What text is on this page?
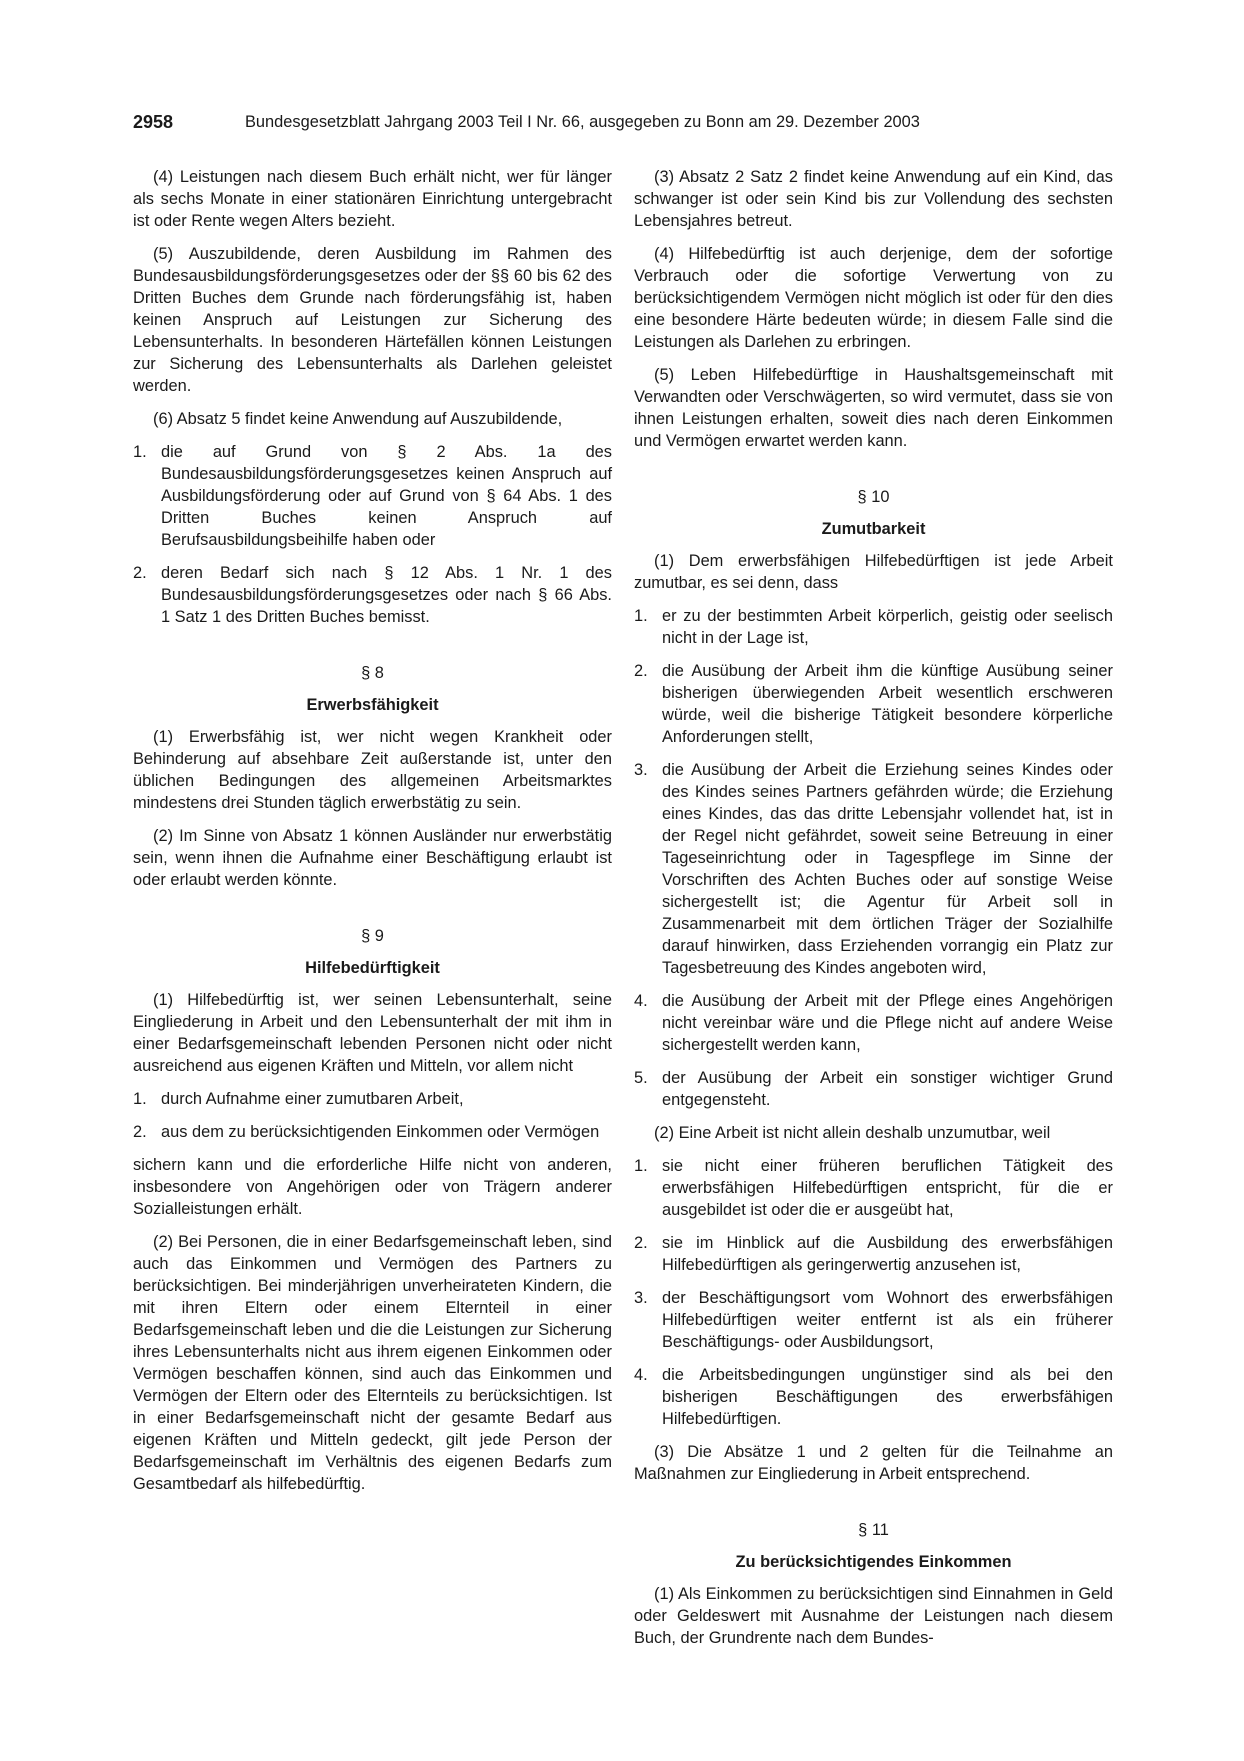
2958	Bundesgesetzblatt Jahrgang 2003 Teil I Nr. 66, ausgegeben zu Bonn am 29. Dezember 2003

(4) Leistungen nach diesem Buch erhält nicht, wer für länger als sechs Monate in einer stationären Einrichtung untergebracht ist oder Rente wegen Alters bezieht.

(5) Auszubildende, deren Ausbildung im Rahmen des Bundesausbildungsförderungsgesetzes oder der §§ 60 bis 62 des Dritten Buches dem Grunde nach förderungsfähig ist, haben keinen Anspruch auf Leistungen zur Sicherung des Lebensunterhalts. In besonderen Härtefällen können Leistungen zur Sicherung des Lebensunterhalts als Darlehen geleistet werden.

(6) Absatz 5 findet keine Anwendung auf Auszubildende,

1. die auf Grund von § 2 Abs. 1a des Bundesausbildungsförderungsgesetzes keinen Anspruch auf Ausbildungsförderung oder auf Grund von § 64 Abs. 1 des Dritten Buches keinen Anspruch auf Berufsausbildungsbeihilfe haben oder
2. deren Bedarf sich nach § 12 Abs. 1 Nr. 1 des Bundesausbildungsförderungsgesetzes oder nach § 66 Abs. 1 Satz 1 des Dritten Buches bemisst.
§ 8
Erwerbsfähigkeit

(1) Erwerbsfähig ist, wer nicht wegen Krankheit oder Behinderung auf absehbare Zeit außerstande ist, unter den üblichen Bedingungen des allgemeinen Arbeitsmarktes mindestens drei Stunden täglich erwerbstätig zu sein.

(2) Im Sinne von Absatz 1 können Ausländer nur erwerbstätig sein, wenn ihnen die Aufnahme einer Beschäftigung erlaubt ist oder erlaubt werden könnte.

§ 9
Hilfebedürftigkeit

(1) Hilfebedürftig ist, wer seinen Lebensunterhalt, seine Eingliederung in Arbeit und den Lebensunterhalt der mit ihm in einer Bedarfsgemeinschaft lebenden Personen nicht oder nicht ausreichend aus eigenen Kräften und Mitteln, vor allem nicht

1. durch Aufnahme einer zumutbaren Arbeit,
2. aus dem zu berücksichtigenden Einkommen oder Vermögen

sichern kann und die erforderliche Hilfe nicht von anderen, insbesondere von Angehörigen oder von Trägern anderer Sozialleistungen erhält.

(2) Bei Personen, die in einer Bedarfsgemeinschaft leben, sind auch das Einkommen und Vermögen des Partners zu berücksichtigen. Bei minderjährigen unverheirateten Kindern, die mit ihren Eltern oder einem Elternteil in einer Bedarfsgemeinschaft leben und die die Leistungen zur Sicherung ihres Lebensunterhalts nicht aus ihrem eigenen Einkommen oder Vermögen beschaffen können, sind auch das Einkommen und Vermögen der Eltern oder des Elternteils zu berücksichtigen. Ist in einer Bedarfsgemeinschaft nicht der gesamte Bedarf aus eigenen Kräften und Mitteln gedeckt, gilt jede Person der Bedarfsgemeinschaft im Verhältnis des eigenen Bedarfs zum Gesamtbedarf als hilfebedürftig.

(3) Absatz 2 Satz 2 findet keine Anwendung auf ein Kind, das schwanger ist oder sein Kind bis zur Vollendung des sechsten Lebensjahres betreut.

(4) Hilfebedürftig ist auch derjenige, dem der sofortige Verbrauch oder die sofortige Verwertung von zu berücksichtigendem Vermögen nicht möglich ist oder für den dies eine besondere Härte bedeuten würde; in diesem Falle sind die Leistungen als Darlehen zu erbringen.

(5) Leben Hilfebedürftige in Haushaltsgemeinschaft mit Verwandten oder Verschwägerten, so wird vermutet, dass sie von ihnen Leistungen erhalten, soweit dies nach deren Einkommen und Vermögen erwartet werden kann.

§ 10
Zumutbarkeit

(1) Dem erwerbsfähigen Hilfebedürftigen ist jede Arbeit zumutbar, es sei denn, dass

1. er zu der bestimmten Arbeit körperlich, geistig oder seelisch nicht in der Lage ist,
2. die Ausübung der Arbeit ihm die künftige Ausübung seiner bisherigen überwiegenden Arbeit wesentlich erschweren würde, weil die bisherige Tätigkeit besondere körperliche Anforderungen stellt,
3. die Ausübung der Arbeit die Erziehung seines Kindes oder des Kindes seines Partners gefährden würde; die Erziehung eines Kindes, das das dritte Lebensjahr vollendet hat, ist in der Regel nicht gefährdet, soweit seine Betreuung in einer Tageseinrichtung oder in Tagespflege im Sinne der Vorschriften des Achten Buches oder auf sonstige Weise sichergestellt ist; die Agentur für Arbeit soll in Zusammenarbeit mit dem örtlichen Träger der Sozialhilfe darauf hinwirken, dass Erziehenden vorrangig ein Platz zur Tagesbetreuung des Kindes angeboten wird,
4. die Ausübung der Arbeit mit der Pflege eines Angehörigen nicht vereinbar wäre und die Pflege nicht auf andere Weise sichergestellt werden kann,
5. der Ausübung der Arbeit ein sonstiger wichtiger Grund entgegensteht.

(2) Eine Arbeit ist nicht allein deshalb unzumutbar, weil

1. sie nicht einer früheren beruflichen Tätigkeit des erwerbsfähigen Hilfebedürftigen entspricht, für die er ausgebildet ist oder die er ausgeübt hat,
2. sie im Hinblick auf die Ausbildung des erwerbsfähigen Hilfebedürftigen als geringerwertig anzusehen ist,
3. der Beschäftigungsort vom Wohnort des erwerbsfähigen Hilfebedürftigen weiter entfernt ist als ein früherer Beschäftigungs- oder Ausbildungsort,
4. die Arbeitsbedingungen ungünstiger sind als bei den bisherigen Beschäftigungen des erwerbsfähigen Hilfebedürftigen.

(3) Die Absätze 1 und 2 gelten für die Teilnahme an Maßnahmen zur Eingliederung in Arbeit entsprechend.

§ 11
Zu berücksichtigendes Einkommen

(1) Als Einkommen zu berücksichtigen sind Einnahmen in Geld oder Geldeswert mit Ausnahme der Leistungen nach diesem Buch, der Grundrente nach dem Bundes-
